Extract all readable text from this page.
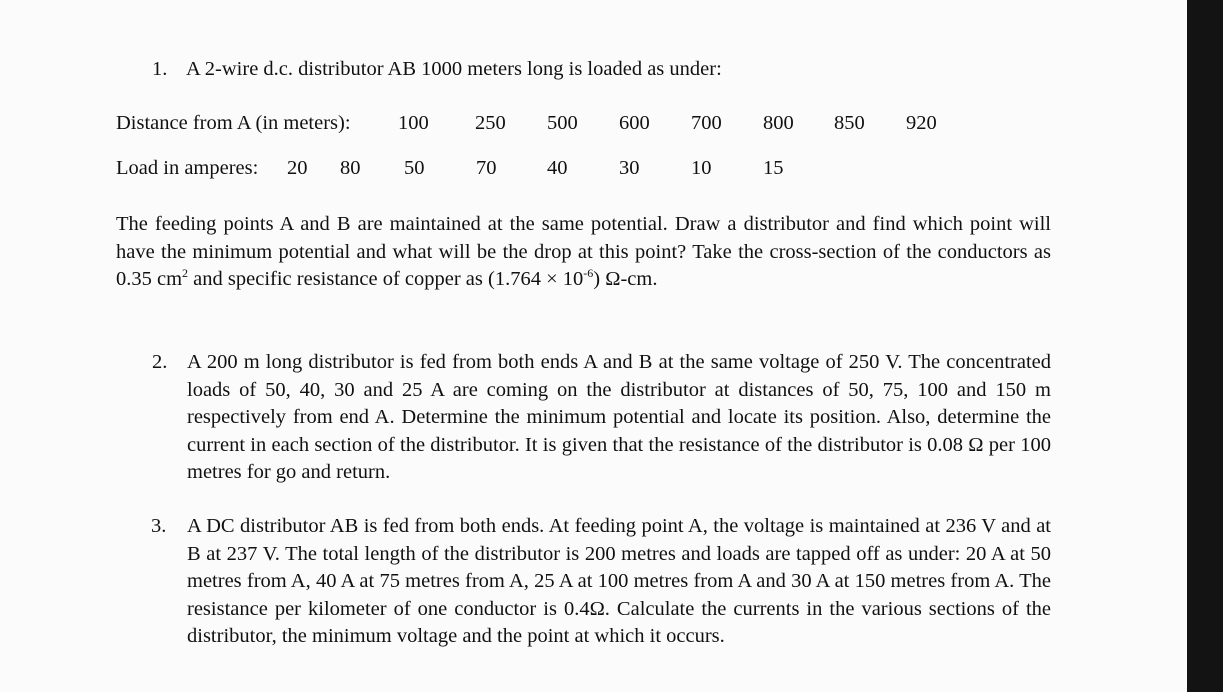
1. A 2-wire d.c. distributor AB 1000 meters long is loaded as under:
Distance from A (in meters): 100 250 500 600 700 800 850 920
Load in amperes: 20 80 50	70 40	30	10	15
The feeding points A and B are maintained at the same potential. Draw a distributor and find which point will have the minimum potential and what will be the drop at this point? Take the cross-section of the conductors as 0.35 $cm^2$ and specific resistance of copper as $(1.764 \times 10^{-6})$ Ω-cm.
2. A 200 m long distributor is fed from both ends A and B at the same voltage of 250 V. The concentrated loads of 50, 40, 30 and 25 A are coming on the distributor at distances of 50, 75, 100 and 150 m respectively from end A. Determine the minimum potential and locate its position. Also, determine the current in each section of the distributor. It is given that the resistance of the distributor is 0.08 Ω per 100 metres for go and return.
3. A DC distributor AB is fed from both ends. At feeding point A, the voltage is maintained at 236 V and at B at 237 V. The total length of the distributor is 200 metres and loads are tapped off as under: 20 A at 50 metres from A, 40 A at 75 metres from A, 25 A at 100 metres from A and 30 A at 150 metres from A. The resistance per kilometer of one conductor is 0.4Ω. Calculate the currents in the various sections of the distributor, the minimum voltage and the point at which it occurs.
